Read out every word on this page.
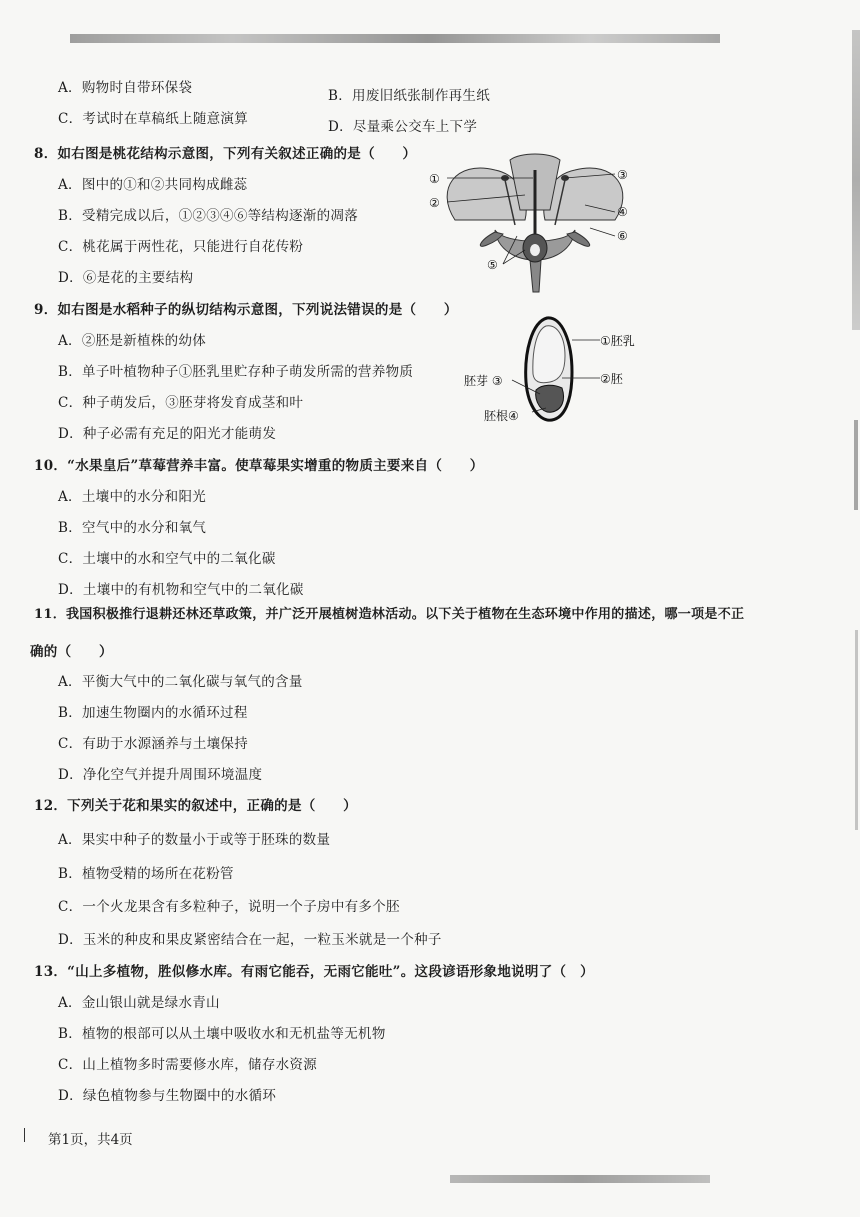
A．购物时自带环保袋	B．用废旧纸张制作再生纸
C．考试时在草稿纸上随意演算	D．尽量乘公交车上下学
8．如右图是桃花结构示意图，下列有关叙述正确的是（　　）
A．图中的①和②共同构成雌蕊
B．受精完成以后，①②③④⑥等结构逐渐的凋落
C．桃花属于两性花，只能进行自花传粉
D．⑥是花的主要结构
①
②
③
④
⑤
⑥
9．如右图是水稻种子的纵切结构示意图，下列说法错误的是（　　）
A．②胚是新植株的幼体
B．单子叶植物种子①胚乳里贮存种子萌发所需的营养物质
C．种子萌发后，③胚芽将发育成茎和叶
D．种子必需有充足的阳光才能萌发
①胚乳
②胚
胚芽 ③
胚根④
10．“水果皇后”草莓营养丰富。使草莓果实增重的物质主要来自（　　）
A．土壤中的水分和阳光
B．空气中的水分和氧气
C．土壤中的水和空气中的二氧化碳
D．土壤中的有机物和空气中的二氧化碳
11．我国积极推行退耕还林还草政策，并广泛开展植树造林活动。以下关于植物在生态环境中作用的描述，哪一项是不正
确的（　　）
A．平衡大气中的二氧化碳与氧气的含量
B．加速生物圈内的水循环过程
C．有助于水源涵养与土壤保持
D．净化空气并提升周围环境温度
12．下列关于花和果实的叙述中，正确的是（　　）
A．果实中种子的数量小于或等于胚珠的数量
B．植物受精的场所在花粉管
C．一个火龙果含有多粒种子，说明一个子房中有多个胚
D．玉米的种皮和果皮紧密结合在一起，一粒玉米就是一个种子
13．“山上多植物，胜似修水库。有雨它能吞，无雨它能吐”。这段谚语形象地说明了（　）
A．金山银山就是绿水青山
B．植物的根部可以从土壤中吸收水和无机盐等无机物
C．山上植物多时需要修水库，储存水资源
D．绿色植物参与生物圈中的水循环
第1页，共4页
